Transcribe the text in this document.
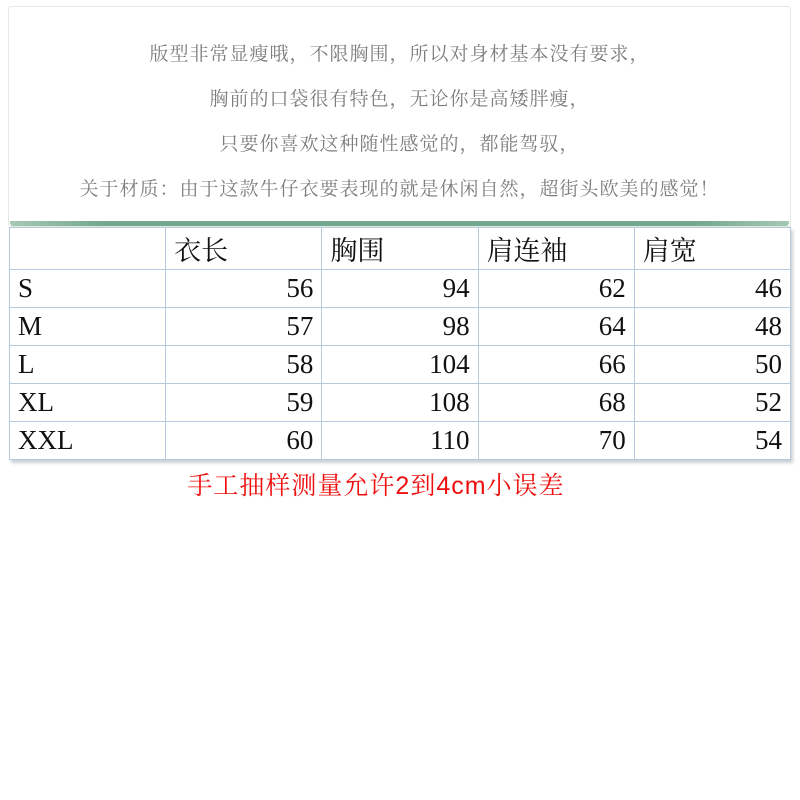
版型非常显瘦哦，不限胸围，所以对身材基本没有要求，
胸前的口袋很有特色，无论你是高矮胖瘦，
只要你喜欢这种随性感觉的，都能驾驭，
关于材质：由于这款牛仔衣要表现的就是休闲自然，超街头欧美的感觉！
	衣长	胸围	肩连袖	肩宽
S	56	94	62	46
M	57	98	64	48
L	58	104	66	50
XL	59	108	68	52
XXL	60	110	70	54
手工抽样测量允许2到4cm小误差
